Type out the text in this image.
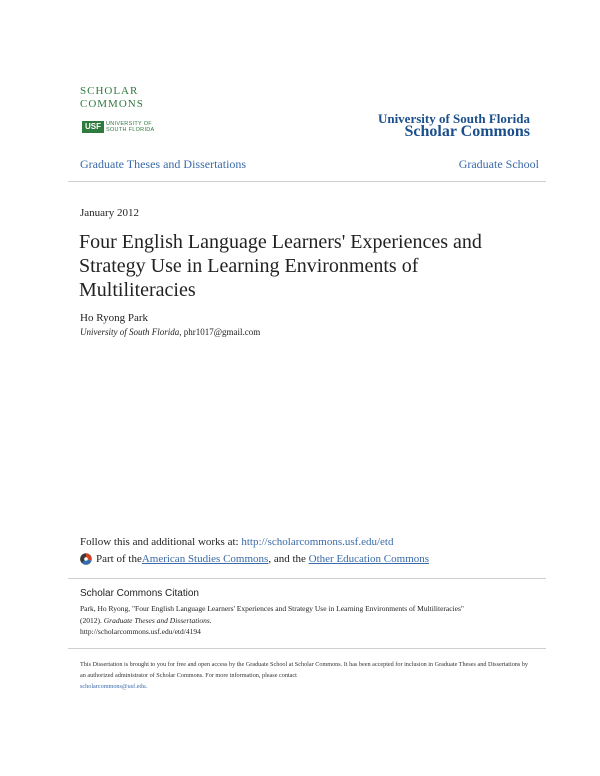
SCHOLAR
COMMONS
USF UNIVERSITY OF SOUTH FLORIDA
University of South Florida
Scholar Commons
Graduate Theses and Dissertations	Graduate School
January 2012
Four English Language Learners' Experiences and Strategy Use in Learning Environments of Multiliteracies
Ho Ryong Park
University of South Florida, phr1017@gmail.com
Follow this and additional works at: http://scholarcommons.usf.edu/etd
Part of the American Studies Commons , and the Other Education Commons
Scholar Commons Citation
Park, Ho Ryong, "Four English Language Learners' Experiences and Strategy Use in Learning Environments of Multiliteracies"
(2012). Graduate Theses and Dissertations.
http://scholarcommons.usf.edu/etd/4194
This Dissertation is brought to you for free and open access by the Graduate School at Scholar Commons. It has been accepted for inclusion in Graduate Theses and Dissertations by an authorized administrator of Scholar Commons. For more information, please contact
scholarcommons@usf.edu.
